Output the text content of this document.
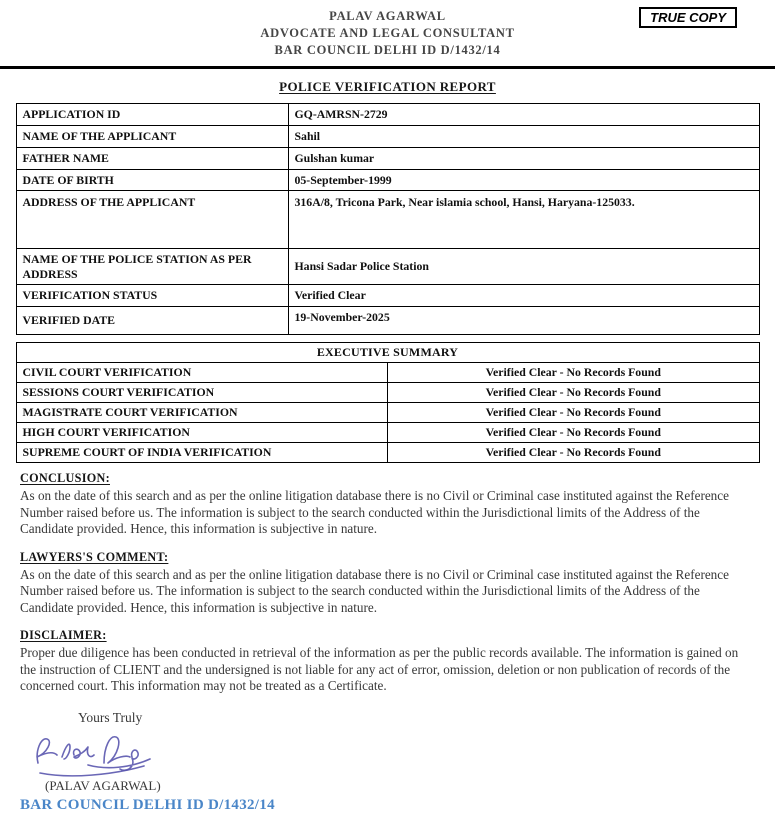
PALAV AGARWAL
ADVOCATE AND LEGAL CONSULTANT
BAR COUNCIL DELHI ID D/1432/14
TRUE COPY
POLICE VERIFICATION REPORT
APPLICATION ID	GQ-AMRSN-2729
NAME OF THE APPLICANT	Sahil
FATHER NAME	Gulshan kumar
DATE OF BIRTH	05-September-1999
ADDRESS OF THE APPLICANT	316A/8, Tricona Park, Near islamia school, Hansi, Haryana-125033.
NAME OF THE POLICE STATION AS PER ADDRESS	Hansi Sadar Police Station
VERIFICATION STATUS	Verified Clear
VERIFIED DATE	19-November-2025
EXECUTIVE SUMMARY	
CIVIL COURT VERIFICATION	Verified Clear - No Records Found
SESSIONS COURT VERIFICATION	Verified Clear - No Records Found
MAGISTRATE COURT VERIFICATION	Verified Clear - No Records Found
HIGH COURT VERIFICATION	Verified Clear - No Records Found
SUPREME COURT OF INDIA VERIFICATION	Verified Clear - No Records Found
CONCLUSION:

As on the date of this search and as per the online litigation database there is no Civil or Criminal case instituted against the Reference Number raised before us. The information is subject to the search conducted within the Jurisdictional limits of the Address of the Candidate provided. Hence, this information is subjective in nature.

LAWYERS'S COMMENT:

As on the date of this search and as per the online litigation database there is no Civil or Criminal case instituted against the Reference Number raised before us. The information is subject to the search conducted within the Jurisdictional limits of the Address of the Candidate provided. Hence, this information is subjective in nature.

DISCLAIMER:

Proper due diligence has been conducted in retrieval of the information as per the public records available. The information is gained on the instruction of CLIENT and the undersigned is not liable for any act of error, omission, deletion or non publication of records of the concerned court. This information may not be treated as a Certificate.

Yours Truly
(PALAV AGARWAL)
BAR COUNCIL DELHI ID D/1432/14
